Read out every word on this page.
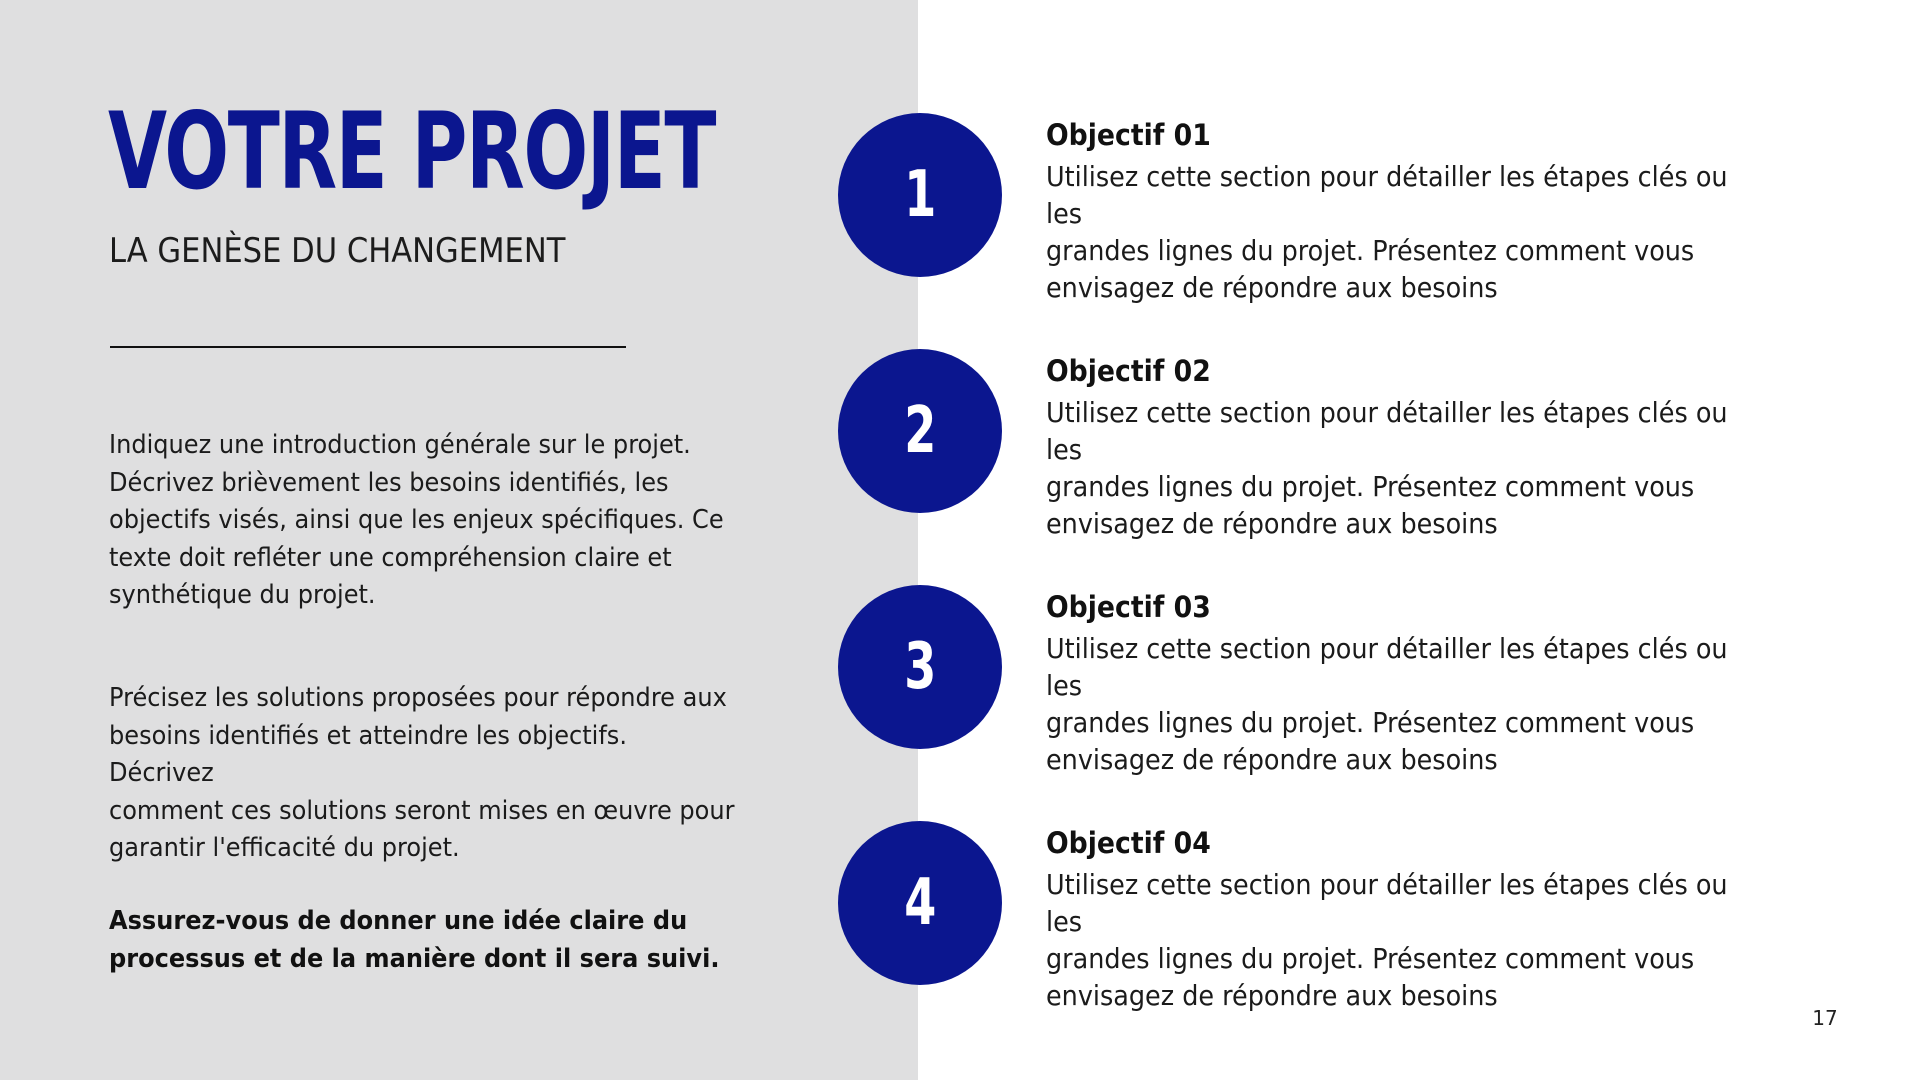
VOTRE PROJET
LA GENÈSE DU CHANGEMENT

Indiquez une introduction générale sur le projet.
Décrivez brièvement les besoins identifiés, les
objectifs visés, ainsi que les enjeux spécifiques. Ce
texte doit refléter une compréhension claire et
synthétique du projet.

Précisez les solutions proposées pour répondre aux
besoins identifiés et atteindre les objectifs. Décrivez
comment ces solutions seront mises en œuvre pour
garantir l'efficacité du projet.

Assurez-vous de donner une idée claire du
processus et de la manière dont il sera suivi.

1

Objectif 01

Utilisez cette section pour détailler les étapes clés ou les
grandes lignes du projet. Présentez comment vous
envisagez de répondre aux besoins

2

Objectif 02

Utilisez cette section pour détailler les étapes clés ou les
grandes lignes du projet. Présentez comment vous
envisagez de répondre aux besoins

3

Objectif 03

Utilisez cette section pour détailler les étapes clés ou les
grandes lignes du projet. Présentez comment vous
envisagez de répondre aux besoins

4

Objectif 04

Utilisez cette section pour détailler les étapes clés ou les
grandes lignes du projet. Présentez comment vous
envisagez de répondre aux besoins

17
